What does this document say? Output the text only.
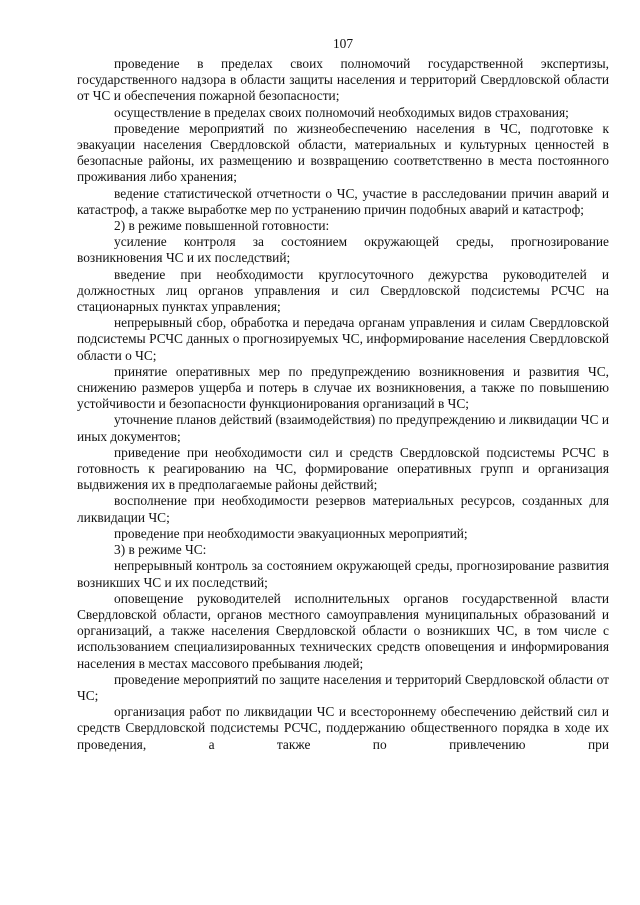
107

проведение в пределах своих полномочий государственной экспертизы, государственного надзора в области защиты населения и территорий Свердловской области от ЧС и обеспечения пожарной безопасности;

осуществление в пределах своих полномочий необходимых видов страхования;

проведение мероприятий по жизнеобеспечению населения в ЧС, подготовке к эвакуации населения Свердловской области, материальных и культурных ценностей в безопасные районы, их размещению и возвращению соответственно в места постоянного проживания либо хранения;

ведение статистической отчетности о ЧС, участие в расследовании причин аварий и катастроф, а также выработке мер по устранению причин подобных аварий и катастроф;

2) в режиме повышенной готовности:

усиление контроля за состоянием окружающей среды, прогнозирование возникновения ЧС и их последствий;

введение при необходимости круглосуточного дежурства руководителей и должностных лиц органов управления и сил Свердловской подсистемы РСЧС на стационарных пунктах управления;

непрерывный сбор, обработка и передача органам управления и силам Свердловской подсистемы РСЧС данных о прогнозируемых ЧС, информирование населения Свердловской области о ЧС;

принятие оперативных мер по предупреждению возникновения и развития ЧС, снижению размеров ущерба и потерь в случае их возникновения, а также по повышению устойчивости и безопасности функционирования организаций в ЧС;

уточнение планов действий (взаимодействия) по предупреждению и ликвидации ЧС и иных документов;

приведение при необходимости сил и средств Свердловской подсистемы РСЧС в готовность к реагированию на ЧС, формирование оперативных групп и организация выдвижения их в предполагаемые районы действий;

восполнение при необходимости резервов материальных ресурсов, созданных для ликвидации ЧС;

проведение при необходимости эвакуационных мероприятий;

3) в режиме ЧС:

непрерывный контроль за состоянием окружающей среды, прогнозирование развития возникших ЧС и их последствий;

оповещение руководителей исполнительных органов государственной власти Свердловской области, органов местного самоуправления муниципальных образований и организаций, а также населения Свердловской области о возникших ЧС, в том числе с использованием специализированных технических средств оповещения и информирования населения в местах массового пребывания людей;

проведение мероприятий по защите населения и территорий Свердловской области от ЧС;

организация работ по ликвидации ЧС и всестороннему обеспечению действий сил и средств Свердловской подсистемы РСЧС, поддержанию общественного порядка в ходе их проведения, а также по привлечению при
